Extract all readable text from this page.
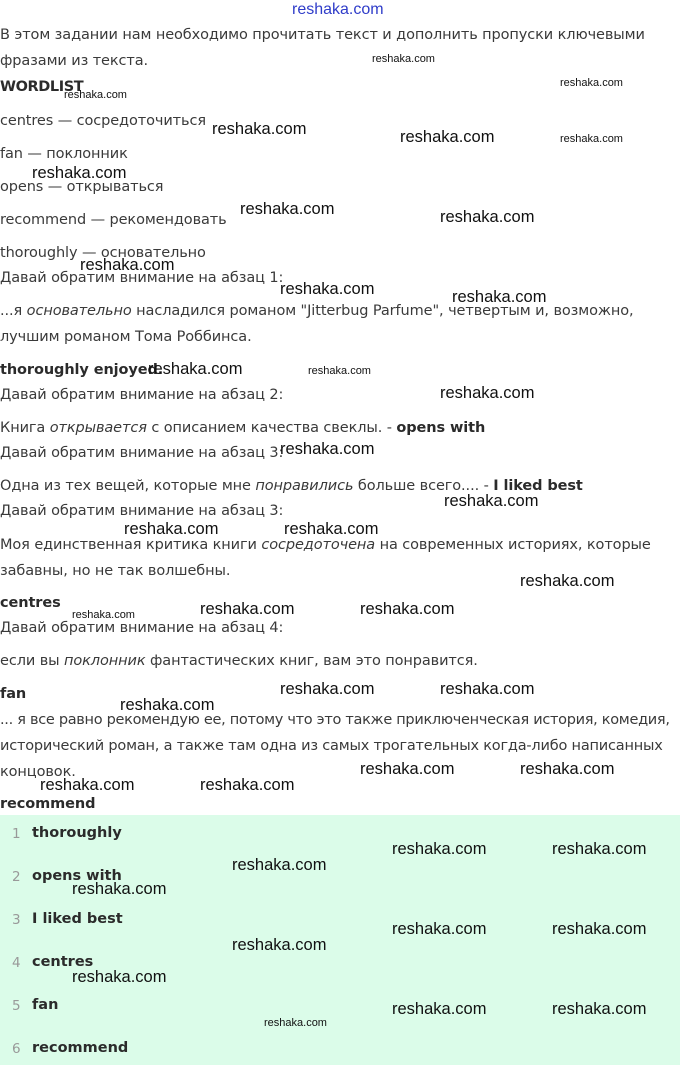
reshaka.com
В этом задании нам необходимо прочитать текст и дополнить пропуски ключевыми
фразами из текста.
WORDLIST
centres — сосредоточиться
fan — поклонник
opens — открываться
recommend — рекомендовать
thoroughly — основательно
Давай обратим внимание на абзац 1:
...я основательно насладился романом "Jitterbug Parfume", четвертым и, возможно,
лучшим романом Тома Роббинса.
thoroughly enjoyed.
Давай обратим внимание на абзац 2:
Книга открывается с описанием качества свеклы. - opens with
Давай обратим внимание на абзац 3:
Одна из тех вещей, которые мне понравились больше всего.... - I liked best
Давай обратим внимание на абзац 3:
Моя единственная критика книги сосредоточена на современных историях, которые
забавны, но не так волшебны.
centres
Давай обратим внимание на абзац 4:
если вы поклонник фантастических книг, вам это понравится.
fan
... я все равно рекомендую ее, потому что это также приключенческая история, комедия,
исторический роман, а также там одна из самых трогательных когда-либо написанных
концовок.
recommend
1 thoroughly
2 opens with
3 I liked best
4 centres
5 fan
6 recommend
reshaka.com
reshaka.com
reshaka.com
reshaka.com	reshaka.com	reshaka.com
reshaka.com
reshaka.com	reshaka.com
reshaka.com
reshaka.com	reshaka.com
reshaka.com	reshaka.com
reshaka.com
reshaka.com
reshaka.com
reshaka.com	reshaka.com
reshaka.com
reshaka.com	reshaka.com	reshaka.com
reshaka.com	reshaka.com
reshaka.com
reshaka.com	reshaka.com
reshaka.com	reshaka.com
reshaka.com	reshaka.com
reshaka.com
reshaka.com
reshaka.com	reshaka.com
reshaka.com
reshaka.com
reshaka.com	reshaka.com
reshaka.com
